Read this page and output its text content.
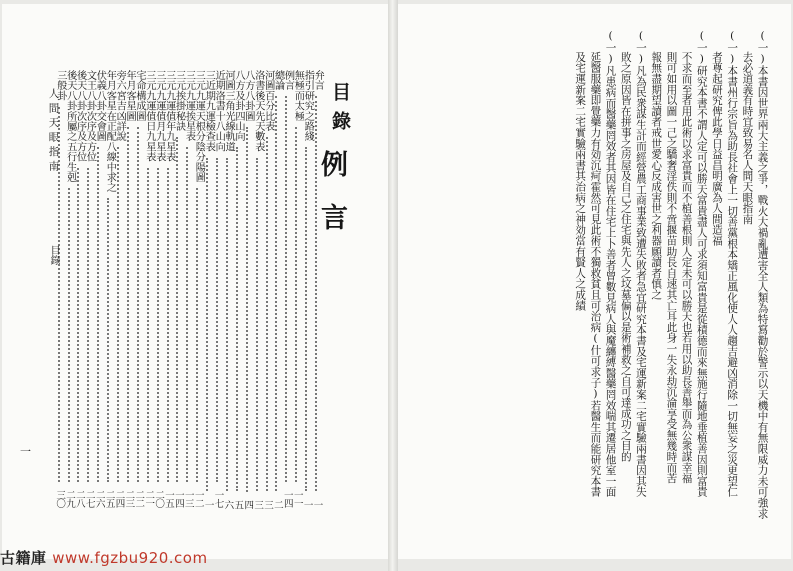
例言	(一)本書因世界兩大主義之爭，戰火大禍亂遭害全人類為特寫勸於警示以天機中有無限威力未可強求
　　去必道義有時宜致易名人間天眼指南
(一)本書州行宗旨為助長社會上一切善黨根本矯正風化使人人趨吉避凶消除一切無妄之災更望仁
　　者尊起研究俾此學日益昌明廣為人間造福
(一)研究本書不謂人定可以勝天富貴盡人可求須知富貴是從積德而來無施行隨地垂植善因則富貴
　　不求而至者用此術以求富貴而不植善根則人定未可以勝天也若用以助長善舉而為公衆謀幸福
　　則可如用以圖一己之驕奢淫佚則不啻揠苗助長自速其亡耳此身一失永劫沉淪享受無幾時而苦
　　報無盡期望讀者戒世愛心反成害世之利器願讀者慎之
(一)凡為民衆謀生計而經營農工商事業致遭失敗者急宜研究本書及宅運新案二宅實驗兩書因其失
　　敗之原因皆在拼事之房屋及自己之住宅與先人之坟墓偏以是術補救之自可達成功之目的
(一)凡患病而醫藥罔效者其因皆在住宅上卜善者曾數見病人與魔纏縛醫藥罔效喘其遷居他室一面
　　延醫服藥即覺藥力有効沉疴霍然可見此術不獨救貧且可治病(什可求子)若醫生而能研究本書
　　及宅運新案二宅實驗兩書其治病之神効當有賢人之成績
目錄
弁言
一
指引研究之路綫
一
無極而太極
一一
例言
一四
總論
二
河圖百分比表
三
洛書後天先天數表
三
八方八卦圖
四
八方及卦四山向
五
河圖三角光線軌道
六
近期洛書十八山向
一七
三近期九運檢查表
一
三元九運天根分陰分陽圖
一二
三元九運挨星表
一三
三元挨掛秘訣
一四
三元九運值年九星表
一五
三元九運值月九星表
二〇
三元九運值日九星表
二一
宅命構成圖
二二
年月客星圖
二三
旁六宮吉凶詳說
二四
年月客星在正配八線中求之
二五
伏義八卦交會圖
二六
文王八卦次序及方位
二七
後天八卦次序及方位
二八
後天八卦所屬之五行生剋
二九
三般卦
三〇
人間天眼指南
目錄
一
古籍庫 www.fgzbu920.com
